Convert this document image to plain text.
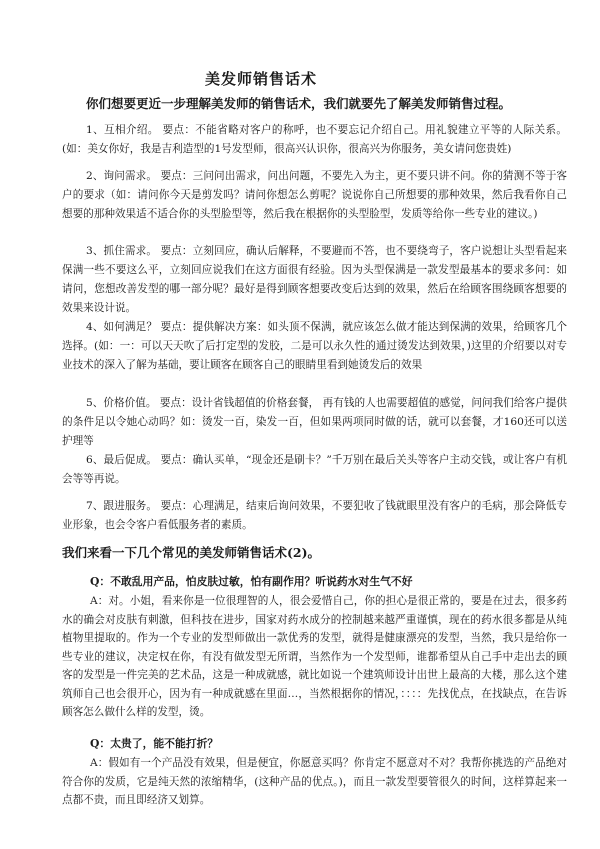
美发师销售话术
你们想要更近一步理解美发师的销售话术，我们就要先了解美发师销售过程。
1、互相介绍。 要点：不能省略对客户的称呼，也不要忘记介绍自己。用礼貌建立平等的人际关系。(如：美女你好，我是吉利造型的1号发型师，很高兴认识你，很高兴为你服务，美女请问您贵姓)
2、询问需求。 要点：三问问出需求，问出问题，不要先入为主，更不要只讲不问。你的猜测不等于客户的要求（如：请问你今天是剪发吗？请问你想怎么剪呢？说说你自己所想要的那种效果，然后我看你自己想要的那种效果适不适合你的头型脸型等，然后我在根据你的头型脸型，发质等给你一些专业的建议。)
3、抓住需求。 要点：立刻回应，确认后解释，不要避而不答，也不要绕弯子，客户说想让头型看起来保满一些不要这么平，立刻回应说我们在这方面很有经验。因为头型保满是一款发型最基本的要求多问：如 请问，您想改善发型的哪一部分呢？最好是得到顾客想要改变后达到的效果，然后在给顾客围绕顾客想要的效果来设计说。
4、如何满足？ 要点：提供解决方案：如头顶不保满，就应该怎么做才能达到保满的效果，给顾客几个选择。(如：一：可以天天吹了后打定型的发胶，二是可以永久性的通过烫发达到效果，)这里的介绍要以对专业技术的深入了解为基础，要让顾客在顾客自己的眼睛里看到她烫发后的效果
5、价格价值。 要点：设计省钱超值的价格套餐， 再有钱的人也需要超值的感觉，问问我们给客户提供的条件足以令她心动吗？如：烫发一百，染发一百，但如果两项同时做的话，就可以套餐，才160还可以送护理等
6、最后促成。 要点：确认买单，“现金还是刷卡？”千万别在最后关头等客户主动交钱，或让客户有机会等等再说。
7、跟进服务。 要点：心理满足，结束后询问效果，不要犯收了钱就眼里没有客户的毛病，那会降低专业形象，也会令客户看低服务者的素质。
我们来看一下几个常见的美发师销售话术(2)。
Q：不敢乱用产品，怕皮肤过敏，怕有副作用？听说药水对生气不好
A：对。小姐，看来你是一位很理智的人，很会爱惜自己，你的担心是很正常的，要是在过去，很多药水的确会对皮肤有刺激，但科技在进步，国家对药水成分的控制越来越严重谨慎，现在的药水很多都是从纯植物里提取的。作为一个专业的发型师做出一款优秀的发型，就得是健康漂亮的发型，当然，我只是给你一些专业的建议，决定权在你，有没有做发型无所谓，当然作为一个发型师，谁都希望从自己手中走出去的顾客的发型是一件完美的艺术品，这是一种成就感，就比如说一个建筑师设计出世上最高的大楼，那么这个建筑师自己也会很开心，因为有一种成就感在里面…，当然根据你的情况，：：：：先找优点，在找缺点，在告诉顾客怎么做什么样的发型，烫。
Q：太贵了，能不能打折？
A：假如有一个产品没有效果，但是便宜，你愿意买吗？你肯定不愿意对不对？我帮你挑选的产品绝对符合你的发质，它是纯天然的浓缩精华，(这种产品的优点。)，而且一款发型要管很久的时间，这样算起来一点都不贵，而且即经济又划算。
